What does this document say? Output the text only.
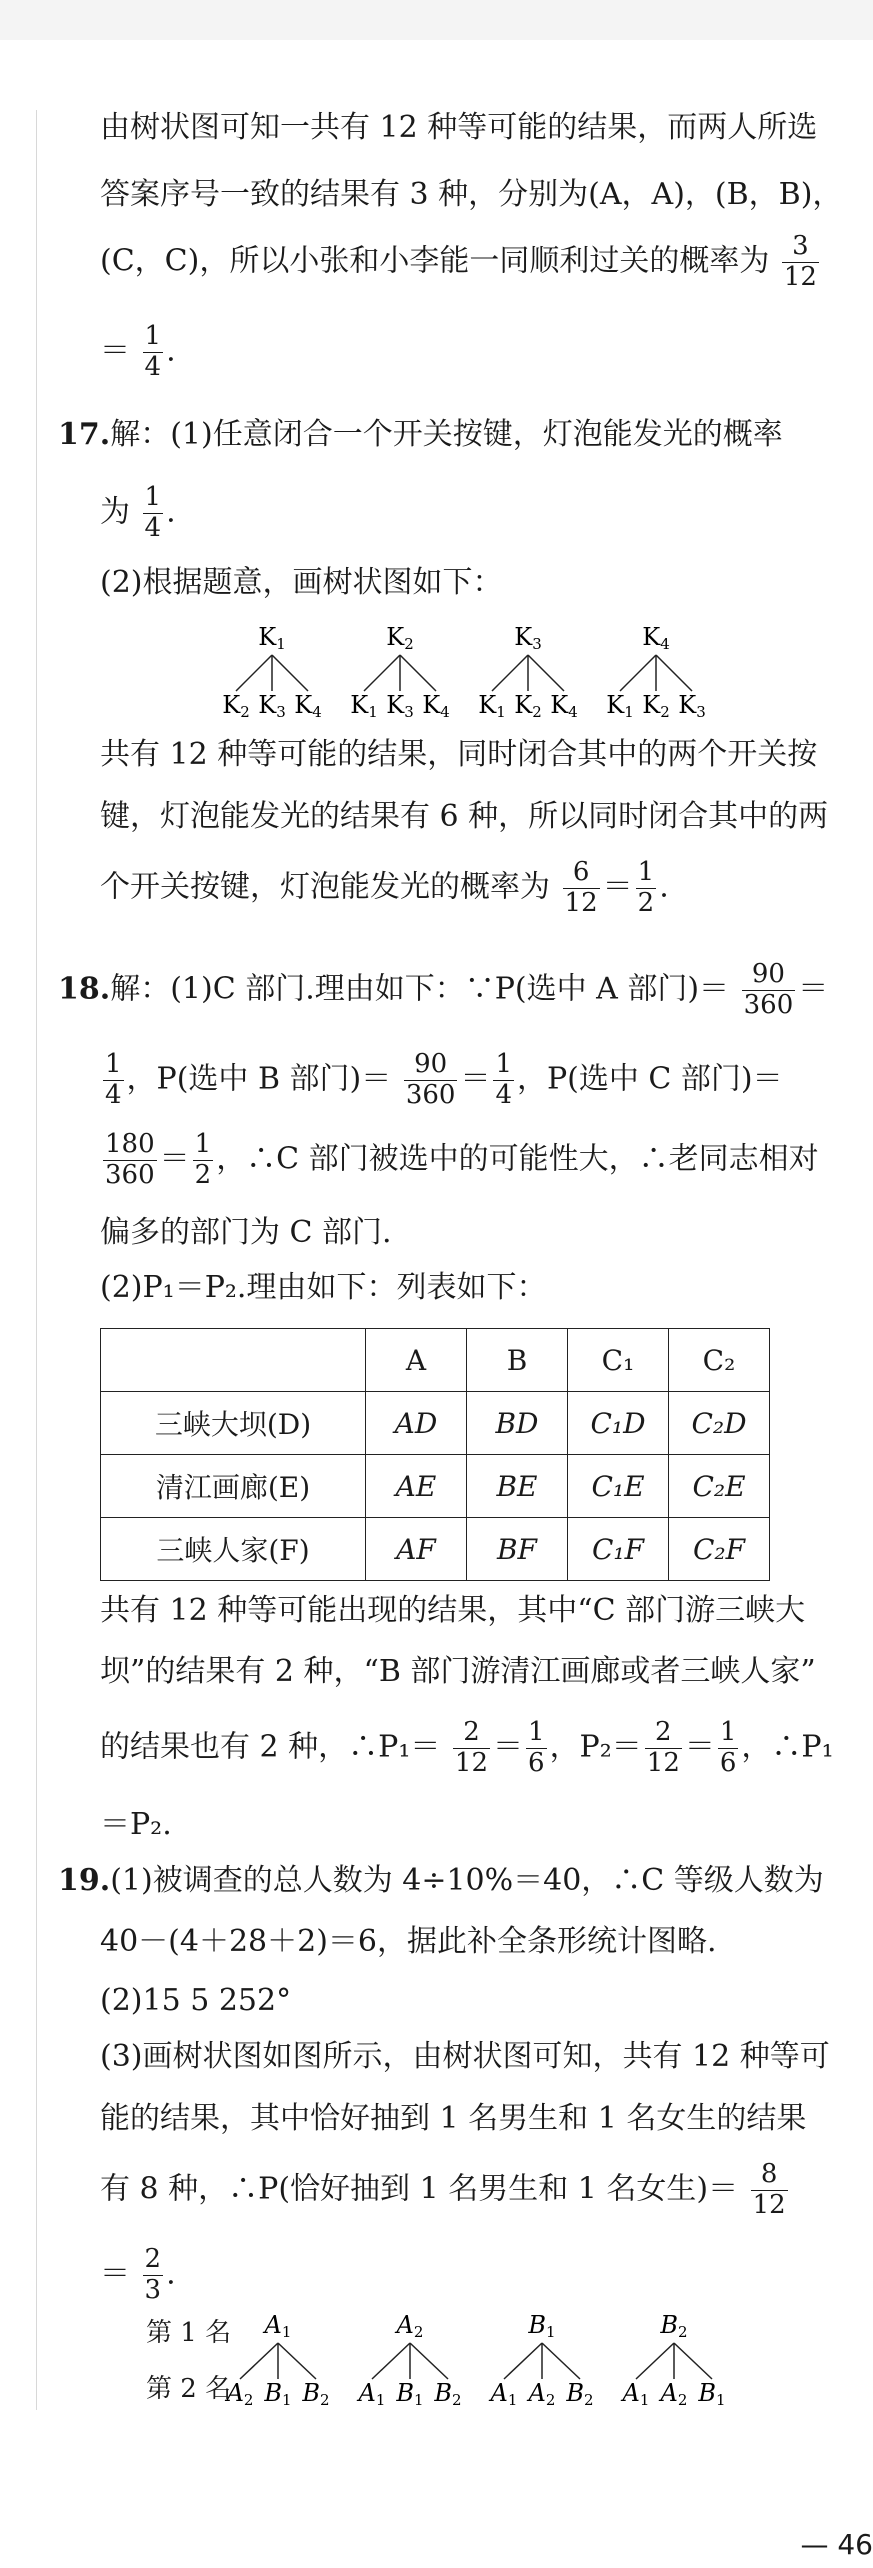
由树状图可知一共有 12 种等可能的结果，而两人所选
答案序号一致的结果有 3 种，分别为(A，A)，(B，B)，
(C，C)，所以小张和小李能一同顺利过关的概率为 $\frac{3}{12}$
＝ $\frac{1}{4}$ .
17.解：(1)任意闭合一个开关按键，灯泡能发光的概率
为 $\frac{1}{4}$ .
(2)根据题意，画树状图如下：
K1
K2 K3 K4
K2
K1 K3 K4
K3
K1 K2 K4
K4
K1 K2 K3
共有 12 种等可能的结果，同时闭合其中的两个开关按
键，灯泡能发光的结果有 6 种，所以同时闭合其中的两
个开关按键，灯泡能发光的概率为 $\frac{6}{12} = \frac{1}{2}$ .
18.解：(1)C 部门.理由如下：∵P(选中 A 部门)＝ $\frac{90}{360}$ ＝
$\frac{1}{4}$ ，P(选中 B 部门)＝ $\frac{90}{360} = \frac{1}{4}$ ，P(选中 C 部门)＝
$\frac{180}{360} = \frac{1}{2}$ ，∴C 部门被选中的可能性大，∴老同志相对
偏多的部门为 C 部门.
(2)P₁＝P₂.理由如下：列表如下：
	A	B	C₁	C₂
三峡大坝(D)	AD	BD	C₁D	C₂D
清江画廊(E)	AE	BE	C₁E	C₂E
三峡人家(F)	AF	BF	C₁F	C₂F
共有 12 种等可能出现的结果，其中“C 部门游三峡大
坝”的结果有 2 种，“B 部门游清江画廊或者三峡人家”
的结果也有 2 种，∴P₁＝ $\frac{2}{12} = \frac{1}{6}$ ，$P_2= \frac{2}{12} = \frac{1}{6}$ ，∴P₁
＝P₂.
19.(1)被调查的总人数为 4÷10%＝40，∴C 等级人数为
40－(4＋28＋2)＝6，据此补全条形统计图略.
(2)15 5 252°
(3)画树状图如图所示，由树状图可知，共有 12 种等可
能的结果，其中恰好抽到 1 名男生和 1 名女生的结果
有 8 种，∴P(恰好抽到 1 名男生和 1 名女生)＝ $\frac{8}{12}$
＝ $\frac{2}{3}$ .
第 1 名
第 2 名
A1
A2 B1 B2
A2
A1 B1 B2
B1
A1 A2 B2
B2
A1 A2 B1
— 46
